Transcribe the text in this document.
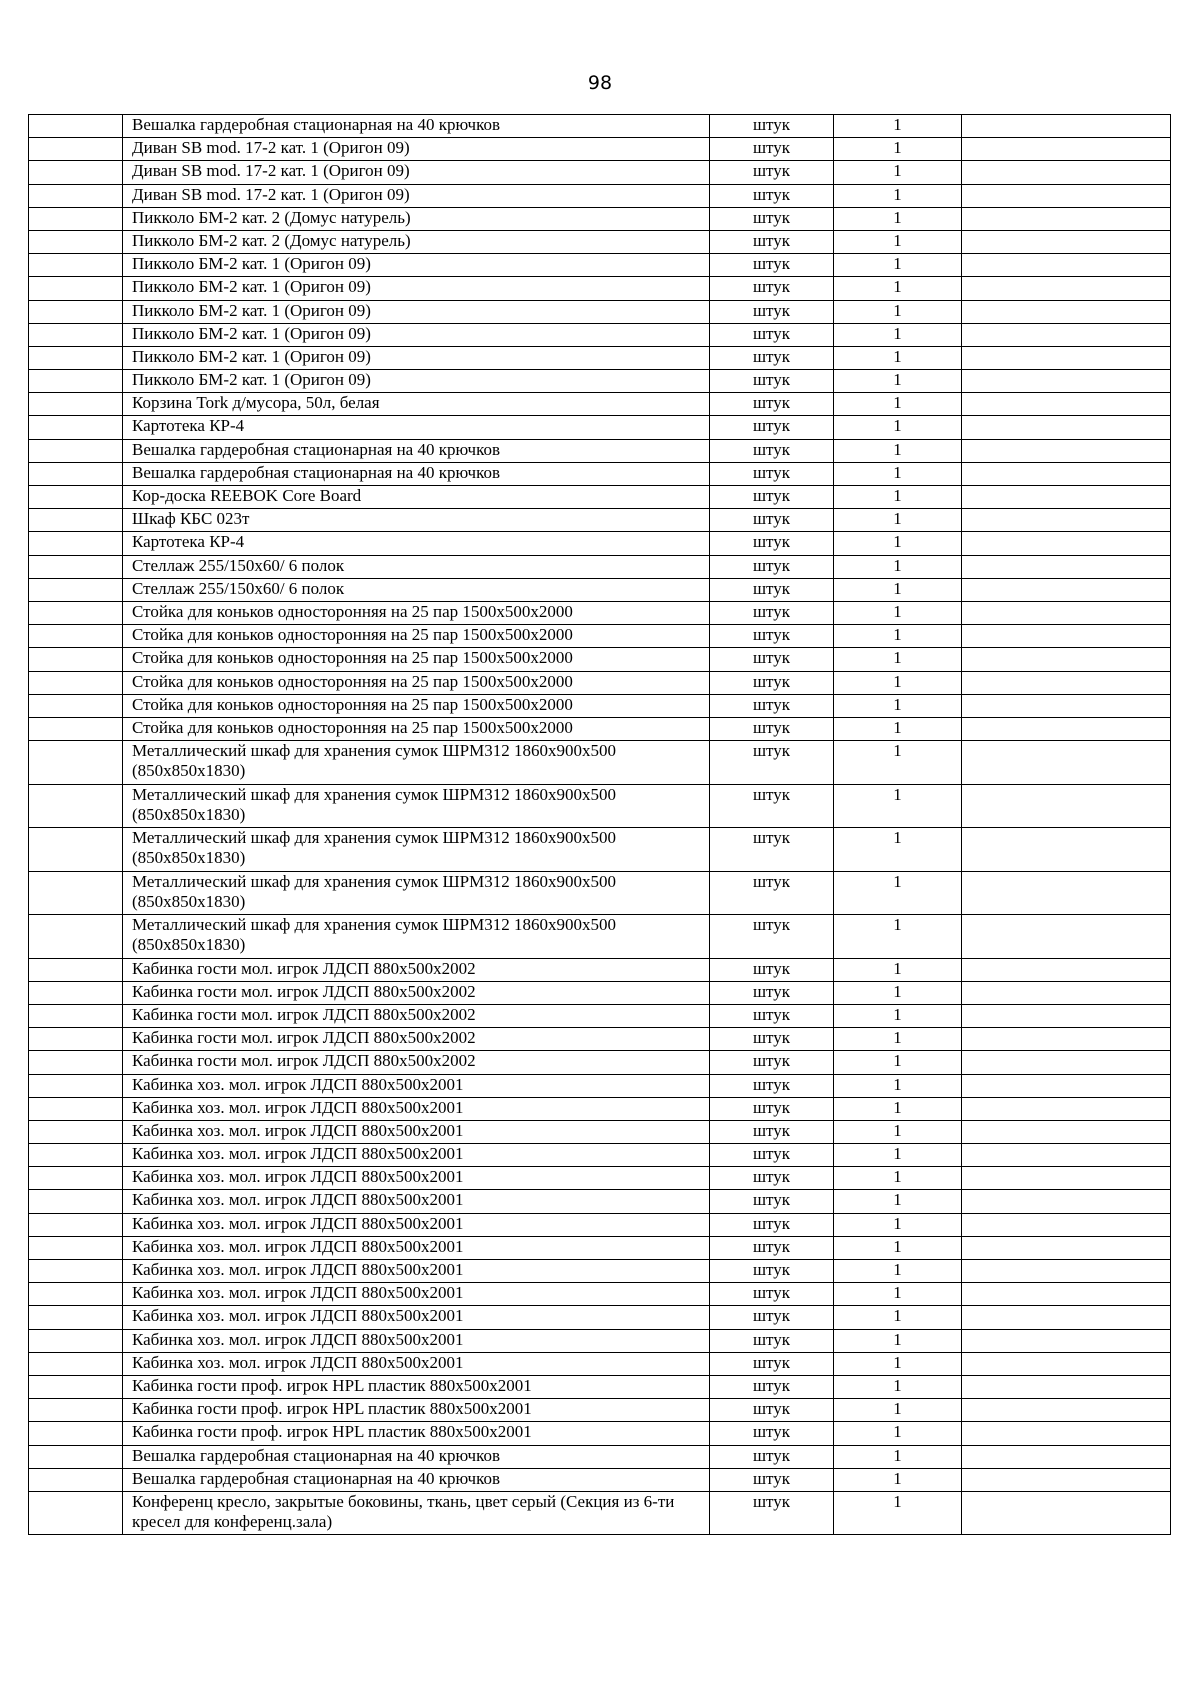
98
	Вешалка гардеробная стационарная на 40 крючков	штук	1	
	Диван SB mod. 17-2 кат. 1 (Оригон 09)	штук	1	
	Диван SB mod. 17-2 кат. 1 (Оригон 09)	штук	1	
	Диван SB mod. 17-2 кат. 1 (Оригон 09)	штук	1	
	Пикколо БМ-2 кат. 2 (Домус натурель)	штук	1	
	Пикколо БМ-2 кат. 2 (Домус натурель)	штук	1	
	Пикколо БМ-2 кат. 1 (Оригон 09)	штук	1	
	Пикколо БМ-2 кат. 1 (Оригон 09)	штук	1	
	Пикколо БМ-2 кат. 1 (Оригон 09)	штук	1	
	Пикколо БМ-2 кат. 1 (Оригон 09)	штук	1	
	Пикколо БМ-2 кат. 1 (Оригон 09)	штук	1	
	Пикколо БМ-2 кат. 1 (Оригон 09)	штук	1	
	Корзина Tork д/мусора, 50л, белая	штук	1	
	Картотека КР-4	штук	1	
	Вешалка гардеробная стационарная на 40 крючков	штук	1	
	Вешалка гардеробная стационарная на 40 крючков	штук	1	
	Кор-доска REEBOK Core Board	штук	1	
	Шкаф КБС 023т	штук	1	
	Картотека КР-4	штук	1	
	Стеллаж 255/150х60/ 6 полок	штук	1	
	Стеллаж 255/150х60/ 6 полок	штук	1	
	Стойка для коньков односторонняя на 25 пар 1500х500х2000	штук	1	
	Стойка для коньков односторонняя на 25 пар 1500х500х2000	штук	1	
	Стойка для коньков односторонняя на 25 пар 1500х500х2000	штук	1	
	Стойка для коньков односторонняя на 25 пар 1500х500х2000	штук	1	
	Стойка для коньков односторонняя на 25 пар 1500х500х2000	штук	1	
	Стойка для коньков односторонняя на 25 пар 1500х500х2000	штук	1	
	Металлический шкаф для хранения сумок ШРМ312 1860х900х500 (850х850х1830)	штук	1	
	Металлический шкаф для хранения сумок ШРМ312 1860х900х500 (850х850х1830)	штук	1	
	Металлический шкаф для хранения сумок ШРМ312 1860х900х500 (850х850х1830)	штук	1	
	Металлический шкаф для хранения сумок ШРМ312 1860х900х500 (850х850х1830)	штук	1	
	Металлический шкаф для хранения сумок ШРМ312 1860х900х500 (850х850х1830)	штук	1	
	Кабинка гости мол. игрок ЛДСП 880х500х2002	штук	1	
	Кабинка гости мол. игрок ЛДСП 880х500х2002	штук	1	
	Кабинка гости мол. игрок ЛДСП 880х500х2002	штук	1	
	Кабинка гости мол. игрок ЛДСП 880х500х2002	штук	1	
	Кабинка гости мол. игрок ЛДСП 880х500х2002	штук	1	
	Кабинка хоз. мол. игрок ЛДСП 880х500х2001	штук	1	
	Кабинка хоз. мол. игрок ЛДСП 880х500х2001	штук	1	
	Кабинка хоз. мол. игрок ЛДСП 880х500х2001	штук	1	
	Кабинка хоз. мол. игрок ЛДСП 880х500х2001	штук	1	
	Кабинка хоз. мол. игрок ЛДСП 880х500х2001	штук	1	
	Кабинка хоз. мол. игрок ЛДСП 880х500х2001	штук	1	
	Кабинка хоз. мол. игрок ЛДСП 880х500х2001	штук	1	
	Кабинка хоз. мол. игрок ЛДСП 880х500х2001	штук	1	
	Кабинка хоз. мол. игрок ЛДСП 880х500х2001	штук	1	
	Кабинка хоз. мол. игрок ЛДСП 880х500х2001	штук	1	
	Кабинка хоз. мол. игрок ЛДСП 880х500х2001	штук	1	
	Кабинка хоз. мол. игрок ЛДСП 880х500х2001	штук	1	
	Кабинка хоз. мол. игрок ЛДСП 880х500х2001	штук	1	
	Кабинка гости проф. игрок HPL пластик 880х500х2001	штук	1	
	Кабинка гости проф. игрок HPL пластик 880х500х2001	штук	1	
	Кабинка гости проф. игрок HPL пластик 880х500х2001	штук	1	
	Вешалка гардеробная стационарная на 40 крючков	штук	1	
	Вешалка гардеробная стационарная на 40 крючков	штук	1	
	Конференц кресло, закрытые боковины, ткань, цвет серый (Секция из 6-ти кресел для конференц.зала)	штук	1	
